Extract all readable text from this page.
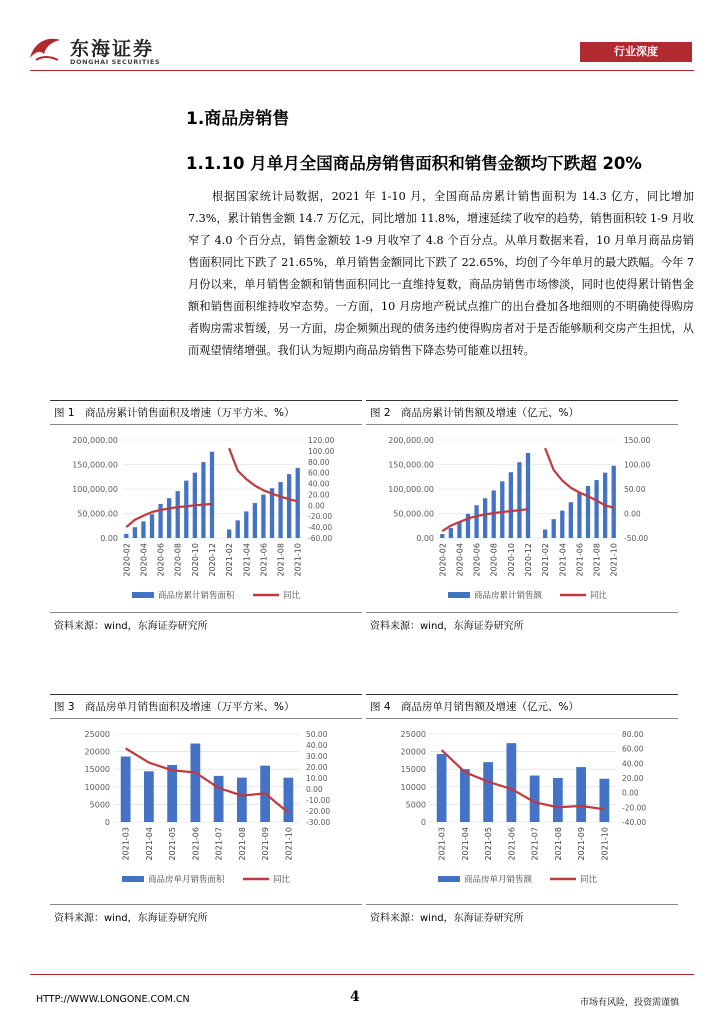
东海证券
DONGHAI SECURITIES
行业深度
1.商品房销售
1.1.10 月单月全国商品房销售面积和销售金额均下跌超 20%

根据国家统计局数据，2021 年 1-10 月，全国商品房累计销售面积为 14.3 亿方，同比增加 7.3%，累计销售金额 14.7 万亿元，同比增加 11.8%，增速延续了收窄的趋势，销售面积较 1-9 月收窄了 4.0 个百分点，销售金额较 1-9 月收窄了 4.8 个百分点。从单月数据来看，10 月单月商品房销售面积同比下跌了 21.65%，单月销售金额同比下跌了 22.65%，均创了今年单月的最大跌幅。今年 7 月份以来，单月销售金额和销售面积同比一直维持复数，商品房销售市场惨淡，同时也使得累计销售金额和销售面积维持收窄态势。一方面，10 月房地产税试点推广的出台叠加各地细则的不明确使得购房者购房需求暂缓，另一方面，房企频频出现的债务违约使得购房者对于是否能够顺利交房产生担忧，从而观望情绪增强。我们认为短期内商品房销售下降态势可能难以扭转。

图 1　商品房累计销售面积及增速（万平方米、%）
200,000.00
150,000.00
100,000.00
50,000.00
0.00
120.00
100.00
80.00
60.00
40.00
20.00
0.00
-20.00
-40.00
-60.00
2020-02 2020-04 2020-06 2020-08 2020-10 2020-12 2021-02 2021-04 2021-06 2021-08 2021-10
商品房累计销售面积	同比
资料来源：wind，东海证券研究所
图 2　商品房累计销售额及增速（亿元、%）
200,000.00
150,000.00
100,000.00
50,000.00
0.00
150.00
100.00
50.00
0.00
-50.00
2020-02 2020-04 2020-06 2020-08 2020-10 2020-12 2021-02 2021-04 2021-06 2021-08 2021-10
商品房累计销售额	同比
资料来源：wind，东海证券研究所
图 3　商品房单月销售面积及增速（万平方米、%）
25000
20000
15000
10000
5000
0
50.00
40.00
30.00
20.00
10.00
0.00
-10.00
-20.00
-30.00
2021-03 2021-04 2021-05 2021-06 2021-07 2021-08 2021-09 2021-10
商品房单月销售面积	同比
资料来源：wind，东海证券研究所
图 4　商品房单月销售额及增速（亿元、%）
25000
20000
15000
10000
5000
0
80.00
60.00
40.00
20.00
0.00
-20.00
-40.00
2021-03 2021-04 2021-05 2021-06 2021-07 2021-08 2021-09 2021-10
商品房单月销售额	同比
资料来源：wind，东海证券研究所
HTTP://WWW.LONGONE.COM.CN	4	市场有风险，投资需谨慎
